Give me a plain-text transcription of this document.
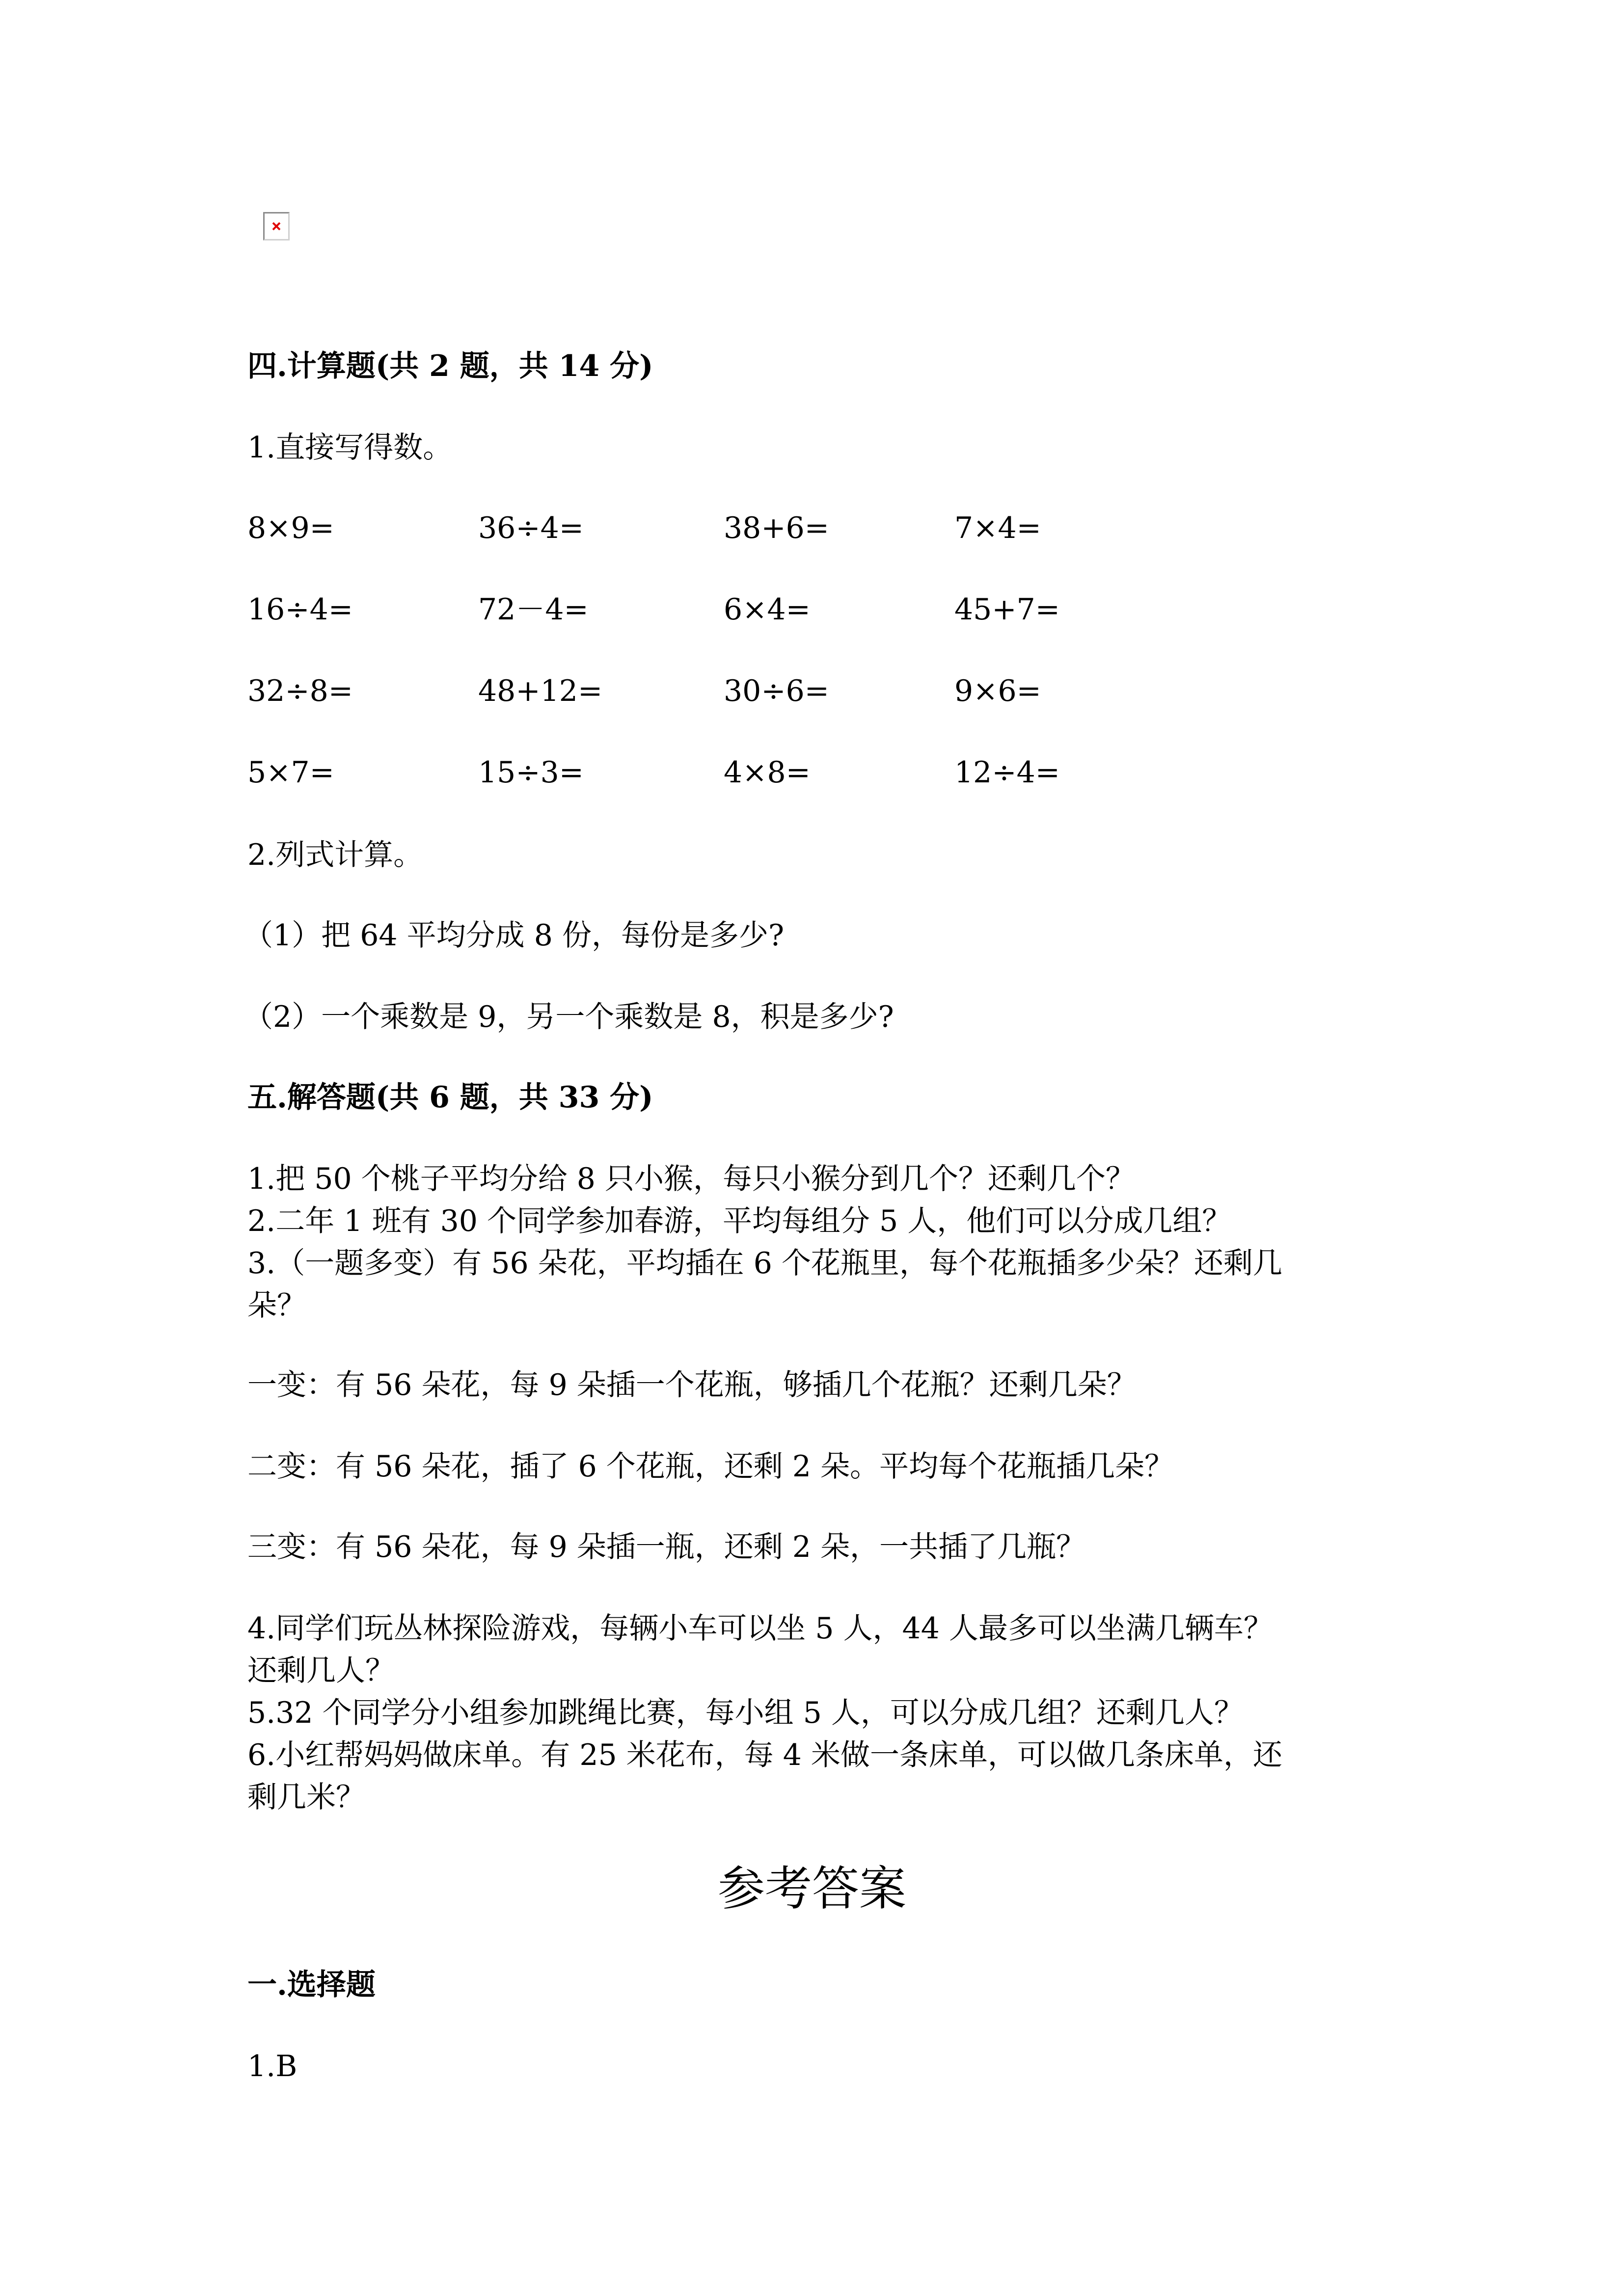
四.计算题(共 2 题，共 14 分)
1.直接写得数。
8×9=	36÷4=	38+6=	7×4=
16÷4=	72－4=	6×4=	45+7=
32÷8=	48+12=	30÷6=	9×6=
5×7=	15÷3=	4×8=	12÷4=
2.列式计算。
（1）把 64 平均分成 8 份，每份是多少?
（2）一个乘数是 9，另一个乘数是 8，积是多少?
五.解答题(共 6 题，共 33 分)
1.把 50 个桃子平均分给 8 只小猴，每只小猴分到几个？还剩几个？
2.二年 1 班有 30 个同学参加春游，平均每组分 5 人，他们可以分成几组？
3.（一题多变）有 56 朵花，平均插在 6 个花瓶里，每个花瓶插多少朵？还剩几
朵？
一变：有 56 朵花，每 9 朵插一个花瓶，够插几个花瓶？还剩几朵？
二变：有 56 朵花，插了 6 个花瓶，还剩 2 朵。平均每个花瓶插几朵？
三变：有 56 朵花，每 9 朵插一瓶，还剩 2 朵，一共插了几瓶？
4.同学们玩丛林探险游戏，每辆小车可以坐 5 人，44 人最多可以坐满几辆车？
还剩几人？
5.32 个同学分小组参加跳绳比赛，每小组 5 人，可以分成几组？还剩几人？
6.小红帮妈妈做床单。有 25 米花布，每 4 米做一条床单，可以做几条床单，还
剩几米？
参考答案
一.选择题
1.B
